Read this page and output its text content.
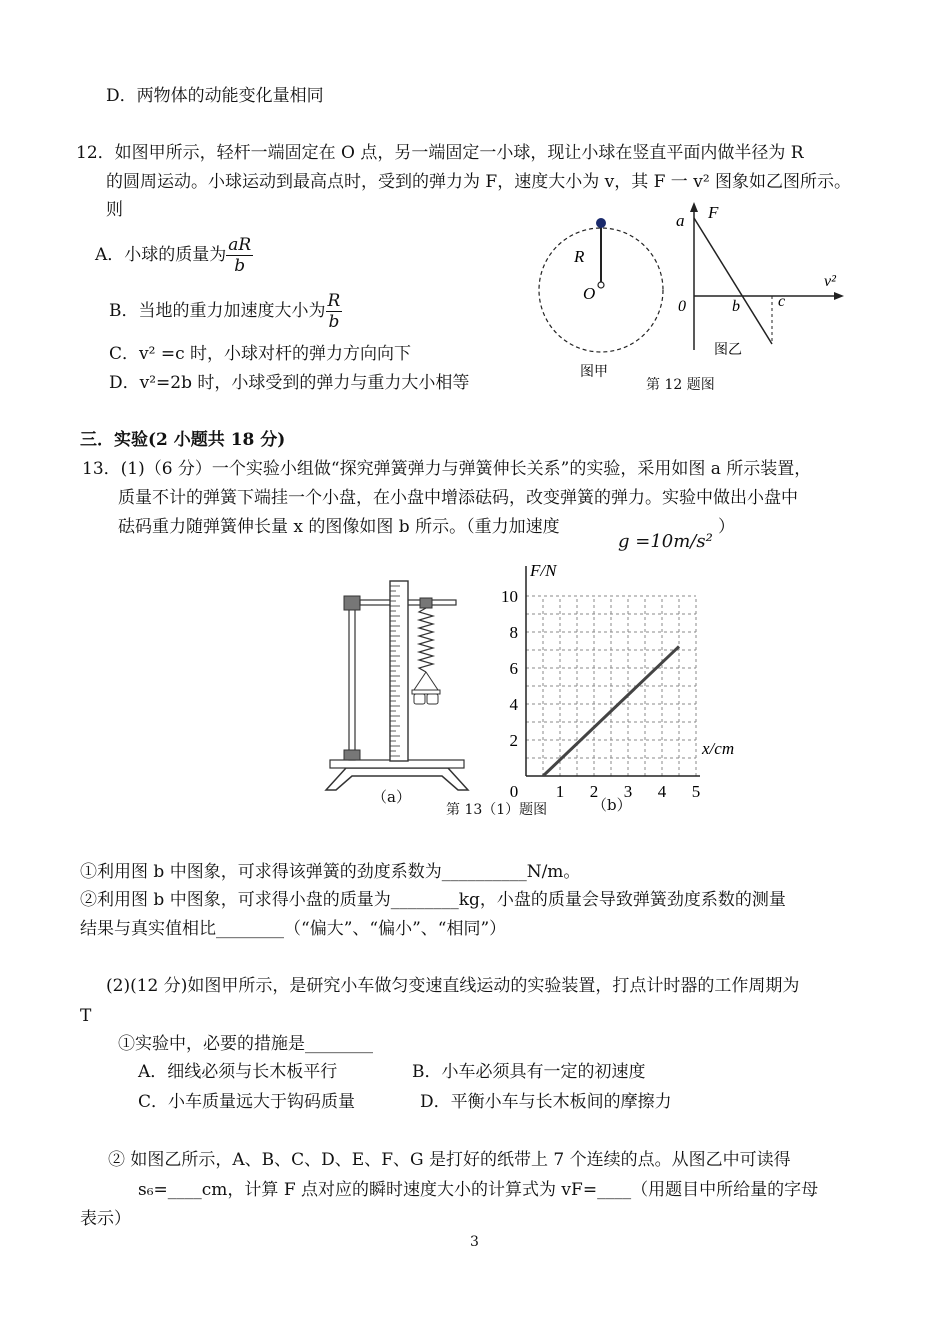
D．两物体的动能变化量相同
12．如图甲所示，轻杆一端固定在 O 点，另一端固定一小球，现让小球在竖直平面内做半径为 R
的圆周运动。小球运动到最高点时，受到的弹力为 F，速度大小为 v，其 F 一 v² 图象如乙图所示。
则
A．小球的质量为 $\frac{aR}{b}$
B．当地的重力加速度大小为 $\frac{R}{b}$
C．v² =c 时，小球对杆的弹力方向向下
D．v²=2b 时，小球受到的弹力与重力大小相等
R
O
图甲
a F
v²
0	b c
图乙
第 12 题图
三．实验(2 小题共 18 分)
13．(1)（6 分）一个实验小组做“探究弹簧弹力与弹簧伸长关系”的实验，采用如图 a 所示装置，
质量不计的弹簧下端挂一个小盘，在小盘中增添砝码，改变弹簧的弹力。实验中做出小盘中
砝码重力随弹簧伸长量 x 的图像如图 b 所示。（重力加速度
g =10m/s²
）
（a）
2
4
6
8
10
0 1 2 3 4 5
F/N
x/cm
（b）
第 13（1）题图
①利用图 b 中图象，可求得该弹簧的劲度系数为__________N/m。
②利用图 b 中图象，可求得小盘的质量为________kg，小盘的质量会导致弹簧劲度系数的测量
结果与真实值相比________（“偏大”、“偏小”、“相同”）
(2)(12 分)如图甲所示，是研究小车做匀变速直线运动的实验装置，打点计时器的工作周期为
T
①实验中，必要的措施是________
A．细线必须与长木板平行	B．小车必须具有一定的初速度
C．小车质量远大于钩码质量	D．平衡小车与长木板间的摩擦力
② 如图乙所示，A、B、C、D、E、F、G 是打好的纸带上 7 个连续的点。从图乙中可读得
s₆=____cm，计算 F 点对应的瞬时速度大小的计算式为 vF=____（用题目中所给量的字母
表示）
3
